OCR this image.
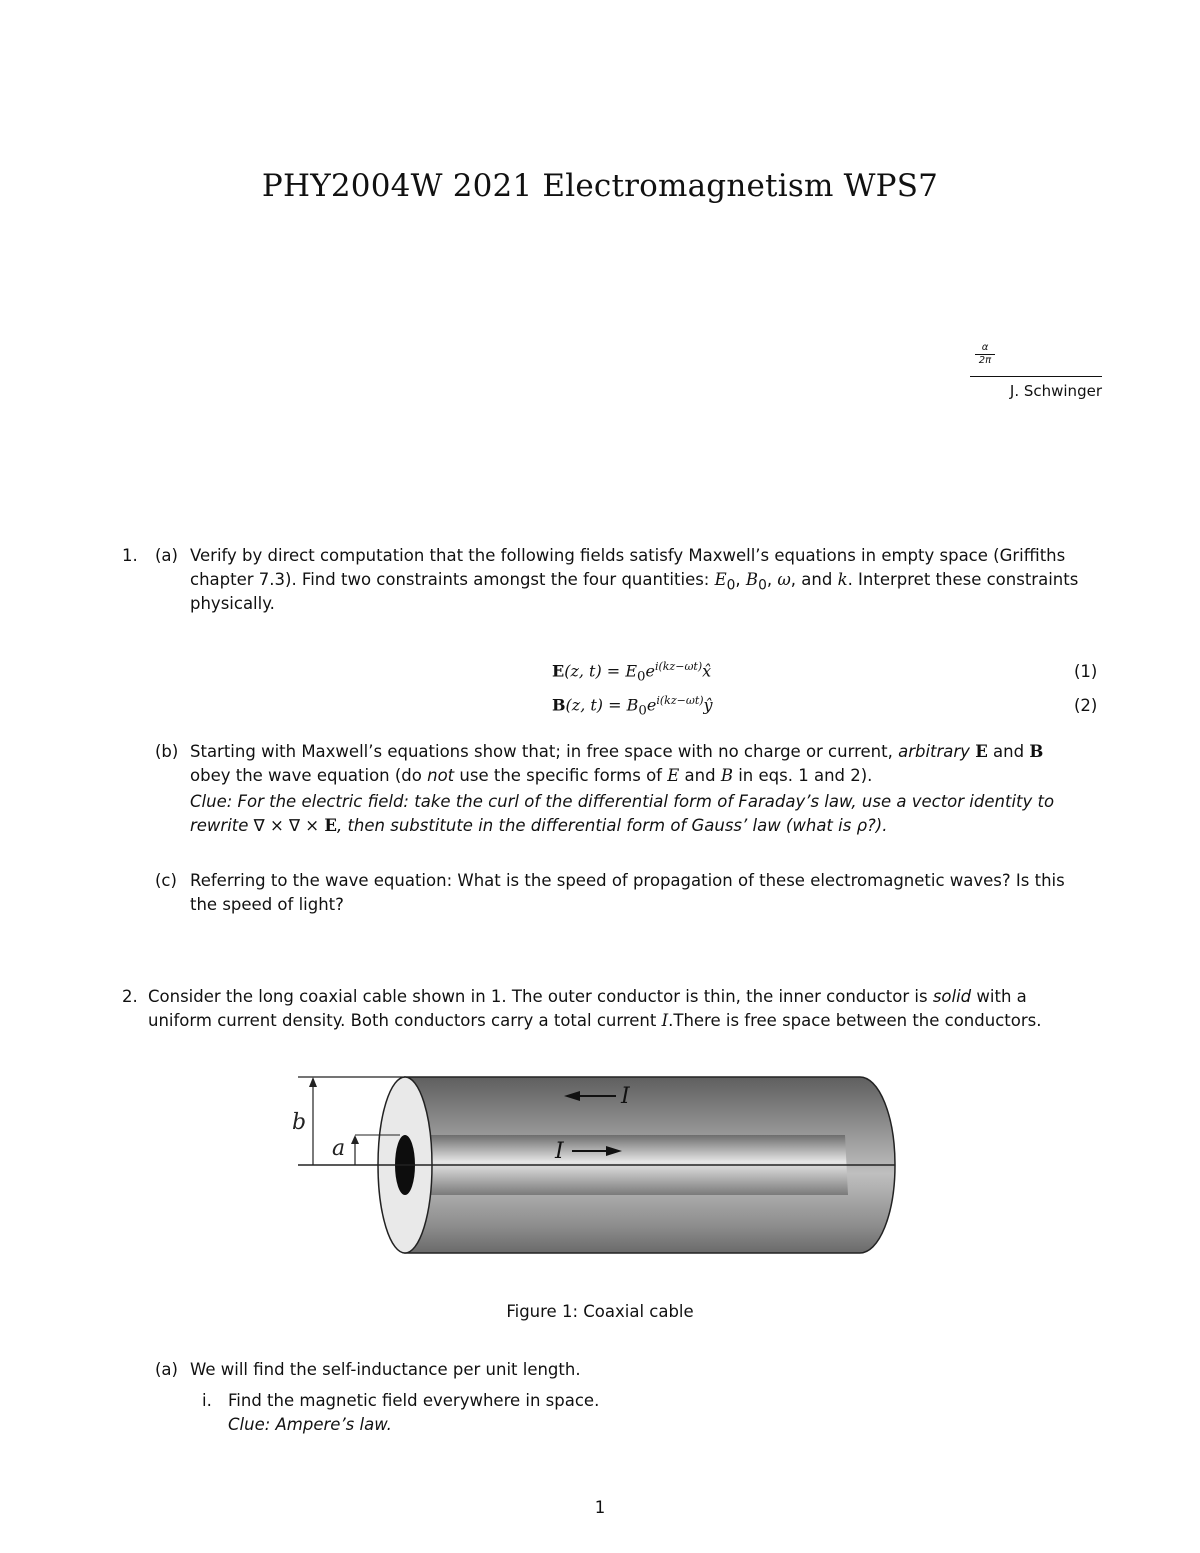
PHY2004W 2021 Electromagnetism WPS7
α
2π
J. Schwinger
1. (a) Verify by direct computation that the following fields satisfy Maxwell’s equations in empty space (Griffiths
chapter 7.3). Find two constraints amongst the four quantities: $E_0$, $B_0$, ω, and k. Interpret these constraints
physically.
E(z, $t) = E_0e^{i(kz-\omega t)}x̂$	(1)
B(z, $t) = B_0e^{i(kz-\omega t)}ŷ$	(2)
(b) Starting with Maxwell’s equations show that; in free space with no charge or current, arbitrary E and B
obey the wave equation (do not use the specific forms of E and B in eqs. 1 and 2).
Clue: For the electric field: take the curl of the differential form of Faraday’s law, use a vector identity to
rewrite ∇ × ∇ × E, then substitute in the differential form of Gauss’ law (what is ρ?).
(c) Referring to the wave equation: What is the speed of propagation of these electromagnetic waves? Is this
the speed of light?
2. Consider the long coaxial cable shown in 1. The outer conductor is thin, the inner conductor is solid with a
uniform current density. Both conductors carry a total current I.There is free space between the conductors.
b
a
I
I
Figure 1: Coaxial cable
(a) We will find the self-inductance per unit length.
i. Find the magnetic field everywhere in space.
Clue: Ampere’s law.
1
